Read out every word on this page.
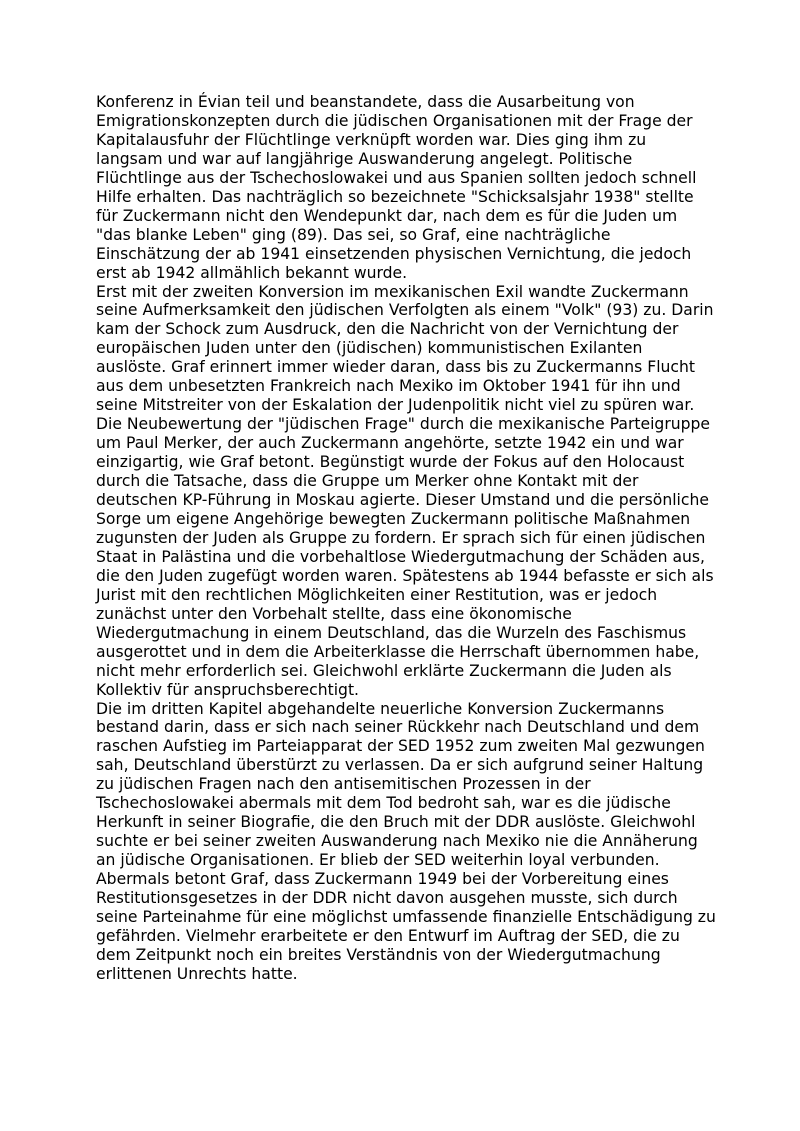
Konferenz in Évian teil und beanstandete, dass die Ausarbeitung von Emigrationskonzepten durch die jüdischen Organisationen mit der Frage der Kapitalausfuhr der Flüchtlinge verknüpft worden war. Dies ging ihm zu langsam und war auf langjährige Auswanderung angelegt. Politische Flüchtlinge aus der Tschechoslowakei und aus Spanien sollten jedoch schnell Hilfe erhalten. Das nachträglich so bezeichnete "Schicksalsjahr 1938" stellte für Zuckermann nicht den Wendepunkt dar, nach dem es für die Juden um "das blanke Leben" ging (89). Das sei, so Graf, eine nachträgliche Einschätzung der ab 1941 einsetzenden physischen Vernichtung, die jedoch erst ab 1942 allmählich bekannt wurde.

Erst mit der zweiten Konversion im mexikanischen Exil wandte Zuckermann seine Aufmerksamkeit den jüdischen Verfolgten als einem "Volk" (93) zu. Darin kam der Schock zum Ausdruck, den die Nachricht von der Vernichtung der europäischen Juden unter den (jüdischen) kommunistischen Exilanten auslöste. Graf erinnert immer wieder daran, dass bis zu Zuckermanns Flucht aus dem unbesetzten Frankreich nach Mexiko im Oktober 1941 für ihn und seine Mitstreiter von der Eskalation der Judenpolitik nicht viel zu spüren war. Die Neubewertung der "jüdischen Frage" durch die mexikanische Parteigruppe um Paul Merker, der auch Zuckermann angehörte, setzte 1942 ein und war einzigartig, wie Graf betont. Begünstigt wurde der Fokus auf den Holocaust durch die Tatsache, dass die Gruppe um Merker ohne Kontakt mit der deutschen KP-Führung in Moskau agierte. Dieser Umstand und die persönliche Sorge um eigene Angehörige bewegten Zuckermann politische Maßnahmen zugunsten der Juden als Gruppe zu fordern. Er sprach sich für einen jüdischen Staat in Palästina und die vorbehaltlose Wiedergutmachung der Schäden aus, die den Juden zugefügt worden waren. Spätestens ab 1944 befasste er sich als Jurist mit den rechtlichen Möglichkeiten einer Restitution, was er jedoch zunächst unter den Vorbehalt stellte, dass eine ökonomische Wiedergutmachung in einem Deutschland, das die Wurzeln des Faschismus ausgerottet und in dem die Arbeiterklasse die Herrschaft übernommen habe, nicht mehr erforderlich sei. Gleichwohl erklärte Zuckermann die Juden als Kollektiv für anspruchsberechtigt.

Die im dritten Kapitel abgehandelte neuerliche Konversion Zuckermanns bestand darin, dass er sich nach seiner Rückkehr nach Deutschland und dem raschen Aufstieg im Parteiapparat der SED 1952 zum zweiten Mal gezwungen sah, Deutschland überstürzt zu verlassen. Da er sich aufgrund seiner Haltung zu jüdischen Fragen nach den antisemitischen Prozessen in der Tschechoslowakei abermals mit dem Tod bedroht sah, war es die jüdische Herkunft in seiner Biografie, die den Bruch mit der DDR auslöste. Gleichwohl suchte er bei seiner zweiten Auswanderung nach Mexiko nie die Annäherung an jüdische Organisationen. Er blieb der SED weiterhin loyal verbunden. Abermals betont Graf, dass Zuckermann 1949 bei der Vorbereitung eines Restitutionsgesetzes in der DDR nicht davon ausgehen musste, sich durch seine Parteinahme für eine möglichst umfassende finanzielle Entschädigung zu gefährden. Vielmehr erarbeitete er den Entwurf im Auftrag der SED, die zu dem Zeitpunkt noch ein breites Verständnis von der Wiedergutmachung erlittenen Unrechts hatte.
